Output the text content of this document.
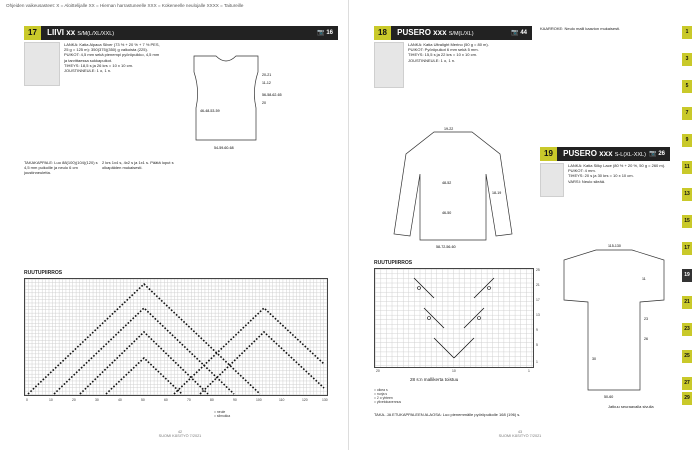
Ohjeiden vaikeusasteet: X = Aloittelijalle XX = Hieman harrastuneelle XXX = Kokeneelle neulojalle XXXX = Taitureille
17 LIIVI xx S/M(L/XL/XXL)	📷 16
LANKA: Katia Alpaca Silver (73 % + 20 % + 7 % PES, 25 g = 125 m): 350(375)(350) g valkoista (225).
PUIKOT: 4,5 mm sekä pienempi pyöröpuikko, 4,5 mm ja tarvittaessa sukkapuikot.
TIHEYS: 18,5 s ja 26 krs = 10 x 10 cm.
JOUSTINNEULE: 1 o, 1 n.
46-48-53-59
20-21
11-12
56-58-62-65
20
54-59-60-68
TAKAKAPPALE: Luo 88(100)(104)(120) s 4,5 mm puikoille ja neulo 6 cm joustinneuletta.
2 krs 1x4 s, 4x2 s ja 1x1 s. Päätä loput s olkapäiden mukaisesti.
RUUTUPIIRROS
0	10	20	30	40	50	60	70	80	90	100	110	120	130
= neule
= silmukka
42
SUOMI KÄSITYÖ 7/2021
18 PUSERO xxx S/M(L/XL)	📷 44
LANKA: Katia Ultralight Merino (50 g = 80 m).
PUIKOT: Pyöröpuikot 6 mm sekä 5 mm.
TIHEYS: 15,5 s ja 22 krs = 10 x 10 cm.
JOUSTINNEULE: 1 o, 1 n.
KAARROKE: Neulo malli kaavion mukaisesti.
19-22
48-52
46-50
18-19
58-72-56-60
RUUTUPIIRROS
25
21
17
13
9
5
1
20	10	1
28 s:n mallikerta toistuu
= oikea s
= nurja s
= 2 o yhteen
= ylivetokavennus
TAKA- JA ETUKAPPALEEN ALAOSA: Luo pienemmälle pyöröpuikolle 168 (196) s.
19 PUSERO xxx S-L(XL-XXL) 📷 26
LANKA: Katia Silky Lace (80 % + 20 %, 50 g = 260 m).
PUIKOT: 4 mm.
TIHEYS: 20 s ja 30 krs = 10 x 10 cm.
VARSI: Neulo sileää.
115-130
11
23
26
30
50-60
Jatkuu seuraavalla sivulla
43
SUOMI KÄSITYÖ 7/2021
1
3
5
7
9
11
13
15
17
19
21
23
25
27
29
